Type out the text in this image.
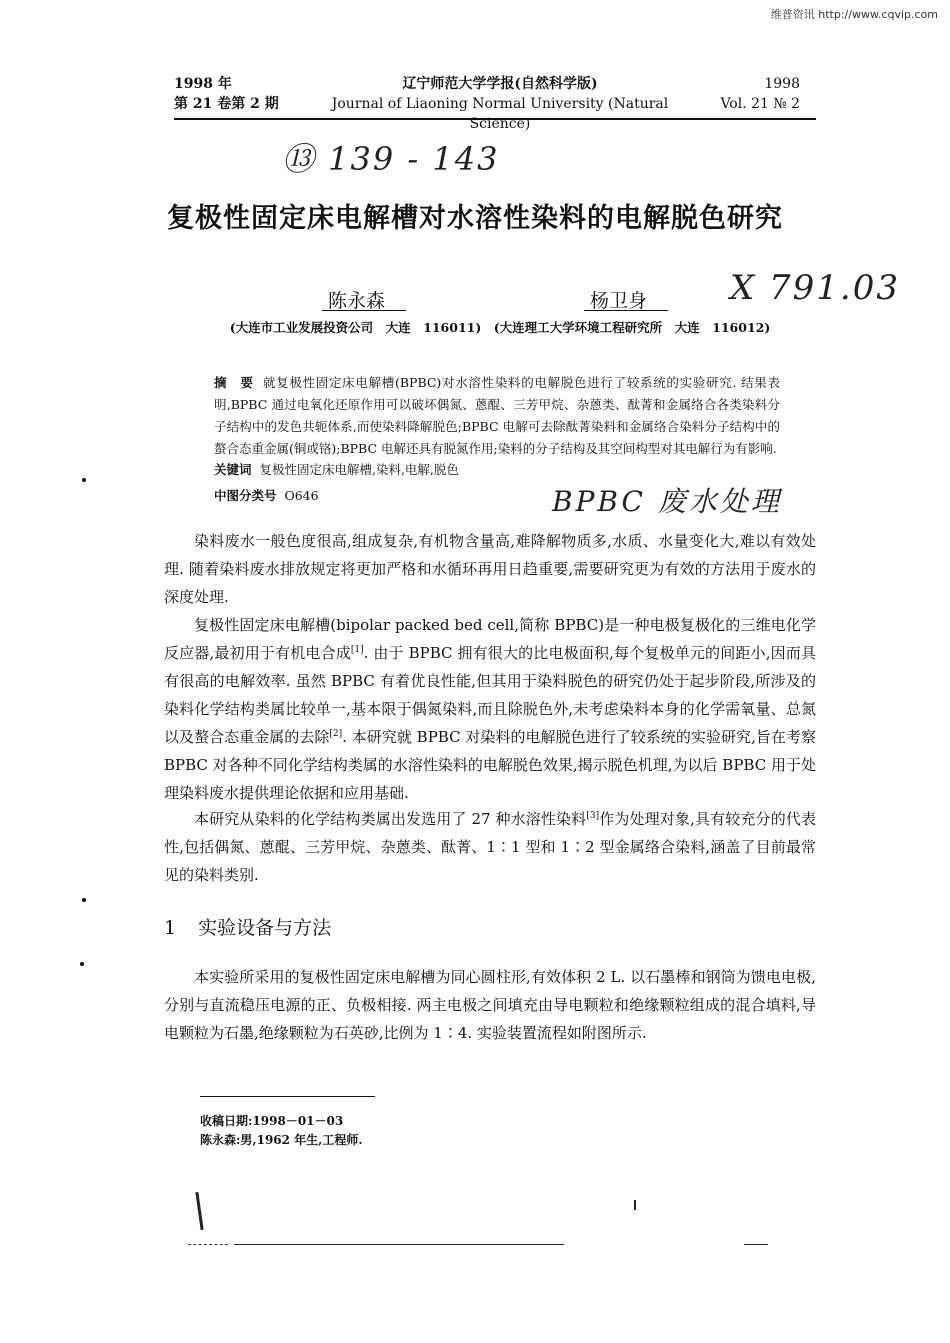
维普资讯 http://www.cqvip.com
1998 年
第 21 卷第 2 期
辽宁师范大学学报(自然科学版)
Journal of Liaoning Normal University (Natural Science)
1998
Vol. 21 № 2
⑬ 139 - 143
X 791.03
BPBC 废水处理
复极性固定床电解槽对水溶性染料的电解脱色研究
陈永森	杨卫身
(大连市工业发展投资公司　大连　116011)　(大连理工大学环境工程研究所　大连　116012)
摘　要 就复极性固定床电解槽(BPBC)对水溶性染料的电解脱色进行了较系统的实验研究. 结果表明,BPBC 通过电氧化还原作用可以破坏偶氮、蒽醌、三芳甲烷、杂蒽类、酞菁和金属络合各类染料分子结构中的发色共轭体系,而使染料降解脱色;BPBC 电解可去除酞菁染料和金属络合染料分子结构中的螯合态重金属(铜或铬);BPBC 电解还具有脱氮作用;染料的分子结构及其空间构型对其电解行为有影响.
关键词 复极性固定床电解槽,染料,电解,脱色
中图分类号 O646

染料废水一般色度很高,组成复杂,有机物含量高,难降解物质多,水质、水量变化大,难以有效处理. 随着染料废水排放规定将更加严格和水循环再用日趋重要,需要研究更为有效的方法用于废水的深度处理.

复极性固定床电解槽(bipolar packed bed cell,简称 BPBC)是一种电极复极化的三维电化学反应器,最初用于有机电合成[1]. 由于 BPBC 拥有很大的比电极面积,每个复极单元的间距小,因而具有很高的电解效率. 虽然 BPBC 有着优良性能,但其用于染料脱色的研究仍处于起步阶段,所涉及的染料化学结构类属比较单一,基本限于偶氮染料,而且除脱色外,未考虑染料本身的化学需氧量、总氮以及螯合态重金属的去除[2]. 本研究就 BPBC 对染料的电解脱色进行了较系统的实验研究,旨在考察 BPBC 对各种不同化学结构类属的水溶性染料的电解脱色效果,揭示脱色机理,为以后 BPBC 用于处理染料废水提供理论依据和应用基础.

本研究从染料的化学结构类属出发选用了 27 种水溶性染料[3]作为处理对象,具有较充分的代表性,包括偶氮、蒽醌、三芳甲烷、杂蒽类、酞菁、1∶1 型和 1∶2 型金属络合染料,涵盖了目前最常见的染料类别.

1 实验设备与方法

本实验所采用的复极性固定床电解槽为同心圆柱形,有效体积 2 L. 以石墨棒和钢筒为馈电电极,分别与直流稳压电源的正、负极相接. 两主电极之间填充由导电颗粒和绝缘颗粒组成的混合填料,导电颗粒为石墨,绝缘颗粒为石英砂,比例为 1∶4. 实验装置流程如附图所示.

收稿日期:1998－01－03
陈永森:男,1962 年生,工程师.
